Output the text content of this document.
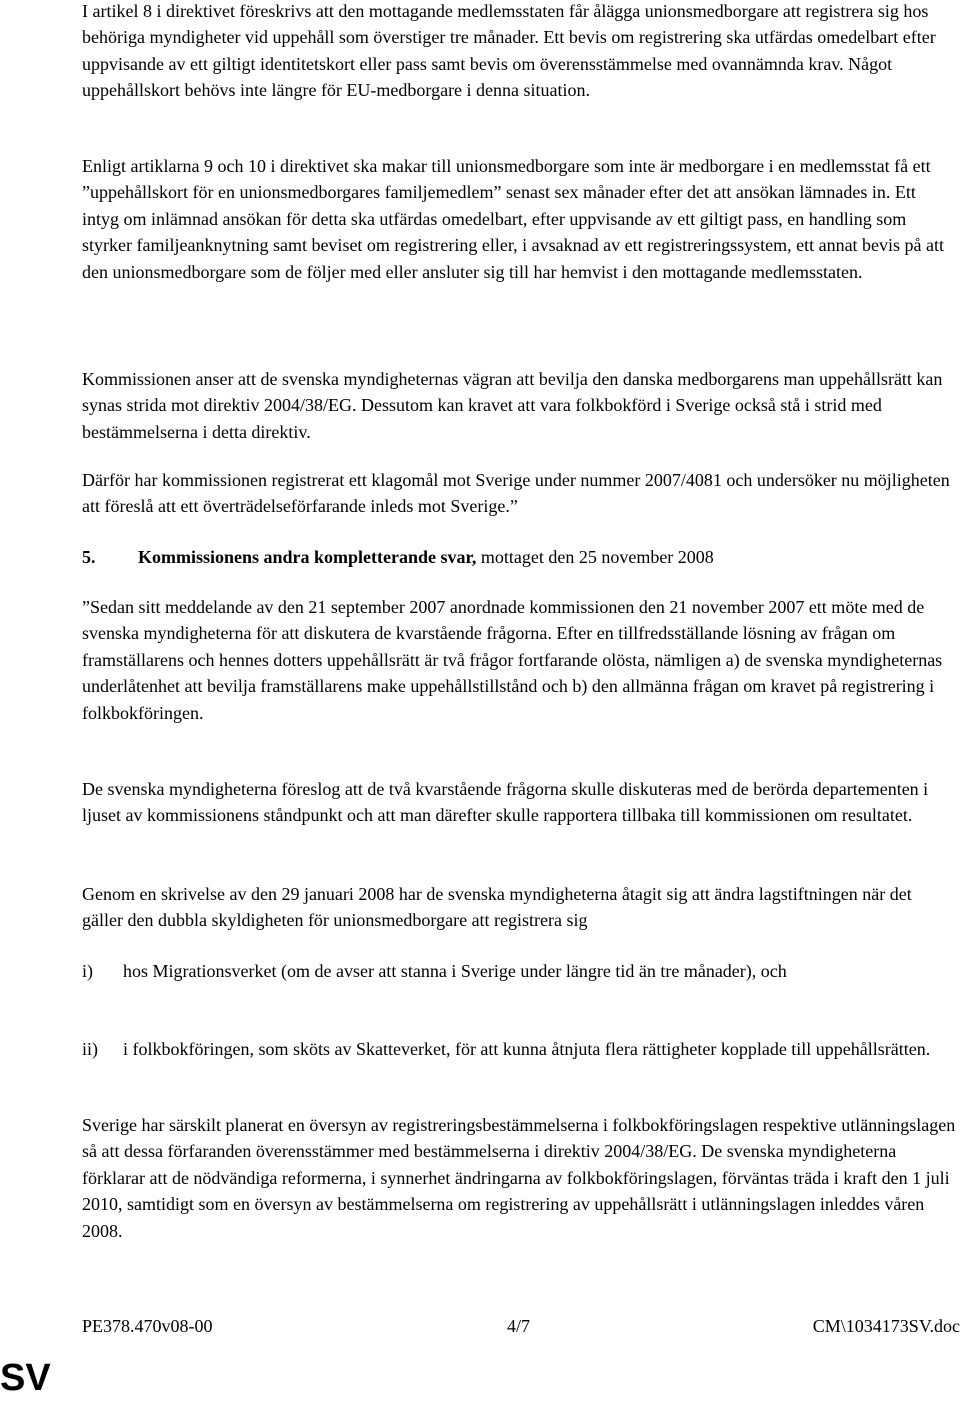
I artikel 8 i direktivet föreskrivs att den mottagande medlemsstaten får ålägga unionsmedborgare att registrera sig hos behöriga myndigheter vid uppehåll som överstiger tre månader. Ett bevis om registrering ska utfärdas omedelbart efter uppvisande av ett giltigt identitetskort eller pass samt bevis om överensstämmelse med ovannämnda krav. Något uppehållskort behövs inte längre för EU-medborgare i denna situation.

Enligt artiklarna 9 och 10 i direktivet ska makar till unionsmedborgare som inte är medborgare i en medlemsstat få ett ”uppehållskort för en unionsmedborgares familjemedlem” senast sex månader efter det att ansökan lämnades in. Ett intyg om inlämnad ansökan för detta ska utfärdas omedelbart, efter uppvisande av ett giltigt pass, en handling som styrker familjeanknytning samt beviset om registrering eller, i avsaknad av ett registreringssystem, ett annat bevis på att den unionsmedborgare som de följer med eller ansluter sig till har hemvist i den mottagande medlemsstaten.

Kommissionen anser att de svenska myndigheternas vägran att bevilja den danska medborgarens man uppehållsrätt kan synas strida mot direktiv 2004/38/EG. Dessutom kan kravet att vara folkbokförd i Sverige också stå i strid med bestämmelserna i detta direktiv.

Därför har kommissionen registrerat ett klagomål mot Sverige under nummer 2007/4081 och undersöker nu möjligheten att föreslå att ett överträdelseförfarande inleds mot Sverige.”

5. Kommissionens andra kompletterande svar, mottaget den 25 november 2008

”Sedan sitt meddelande av den 21 september 2007 anordnade kommissionen den 21 november 2007 ett möte med de svenska myndigheterna för att diskutera de kvarstående frågorna. Efter en tillfredsställande lösning av frågan om framställarens och hennes dotters uppehållsrätt är två frågor fortfarande olösta, nämligen a) de svenska myndigheternas underlåtenhet att bevilja framställarens make uppehållstillstånd och b) den allmänna frågan om kravet på registrering i folkbokföringen.

De svenska myndigheterna föreslog att de två kvarstående frågorna skulle diskuteras med de berörda departementen i ljuset av kommissionens ståndpunkt och att man därefter skulle rapportera tillbaka till kommissionen om resultatet.

Genom en skrivelse av den 29 januari 2008 har de svenska myndigheterna åtagit sig att ändra lagstiftningen när det gäller den dubbla skyldigheten för unionsmedborgare att registrera sig

i) hos Migrationsverket (om de avser att stanna i Sverige under längre tid än tre månader), och
ii) i folkbokföringen, som sköts av Skatteverket, för att kunna åtnjuta flera rättigheter kopplade till uppehållsrätten.

Sverige har särskilt planerat en översyn av registreringsbestämmelserna i folkbokföringslagen respektive utlänningslagen så att dessa förfaranden överensstämmer med bestämmelserna i direktiv 2004/38/EG. De svenska myndigheterna förklarar att de nödvändiga reformerna, i synnerhet ändringarna av folkbokföringslagen, förväntas träda i kraft den 1 juli 2010, samtidigt som en översyn av bestämmelserna om registrering av uppehållsrätt i utlänningslagen inleddes våren 2008.

PE378.470v08-00	4/7	CM\1034173SV.doc
SV
